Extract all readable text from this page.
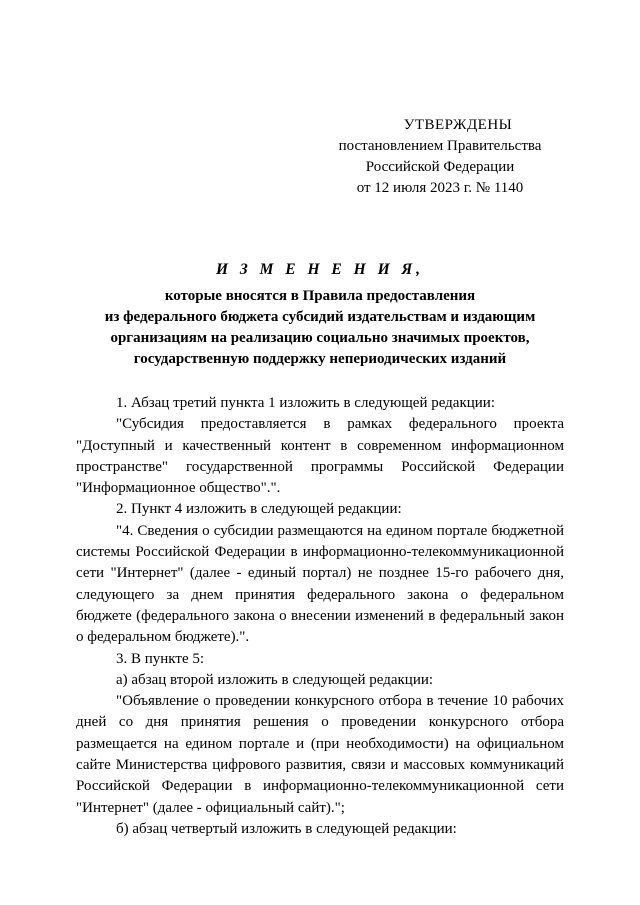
УТВЕРЖДЕНЫ
постановлением Правительства
Российской Федерации
от 12 июля 2023 г. № 1140
И З М Е Н Е Н И Я,
которые вносятся в Правила предоставления
из федерального бюджета субсидий издательствам и издающим
организациям на реализацию социально значимых проектов,
государственную поддержку непериодических изданий

1. Абзац третий пункта 1 изложить в следующей редакции:

"Субсидия предоставляется в рамках федерального проекта "Доступный и качественный контент в современном информационном пространстве" государственной программы Российской Федерации "Информационное общество".".

2. Пункт 4 изложить в следующей редакции:

"4. Сведения о субсидии размещаются на едином портале бюджетной системы Российской Федерации в информационно-телекоммуникационной сети "Интернет" (далее - единый портал) не позднее 15-го рабочего дня, следующего за днем принятия федерального закона о федеральном бюджете (федерального закона о внесении изменений в федеральный закон о федеральном бюджете).".

3. В пункте 5:

а) абзац второй изложить в следующей редакции:

"Объявление о проведении конкурсного отбора в течение 10 рабочих дней со дня принятия решения о проведении конкурсного отбора размещается на едином портале и (при необходимости) на официальном сайте Министерства цифрового развития, связи и массовых коммуникаций Российской Федерации в информационно-телекоммуникационной сети "Интернет" (далее - официальный сайт).";

б) абзац четвертый изложить в следующей редакции:
